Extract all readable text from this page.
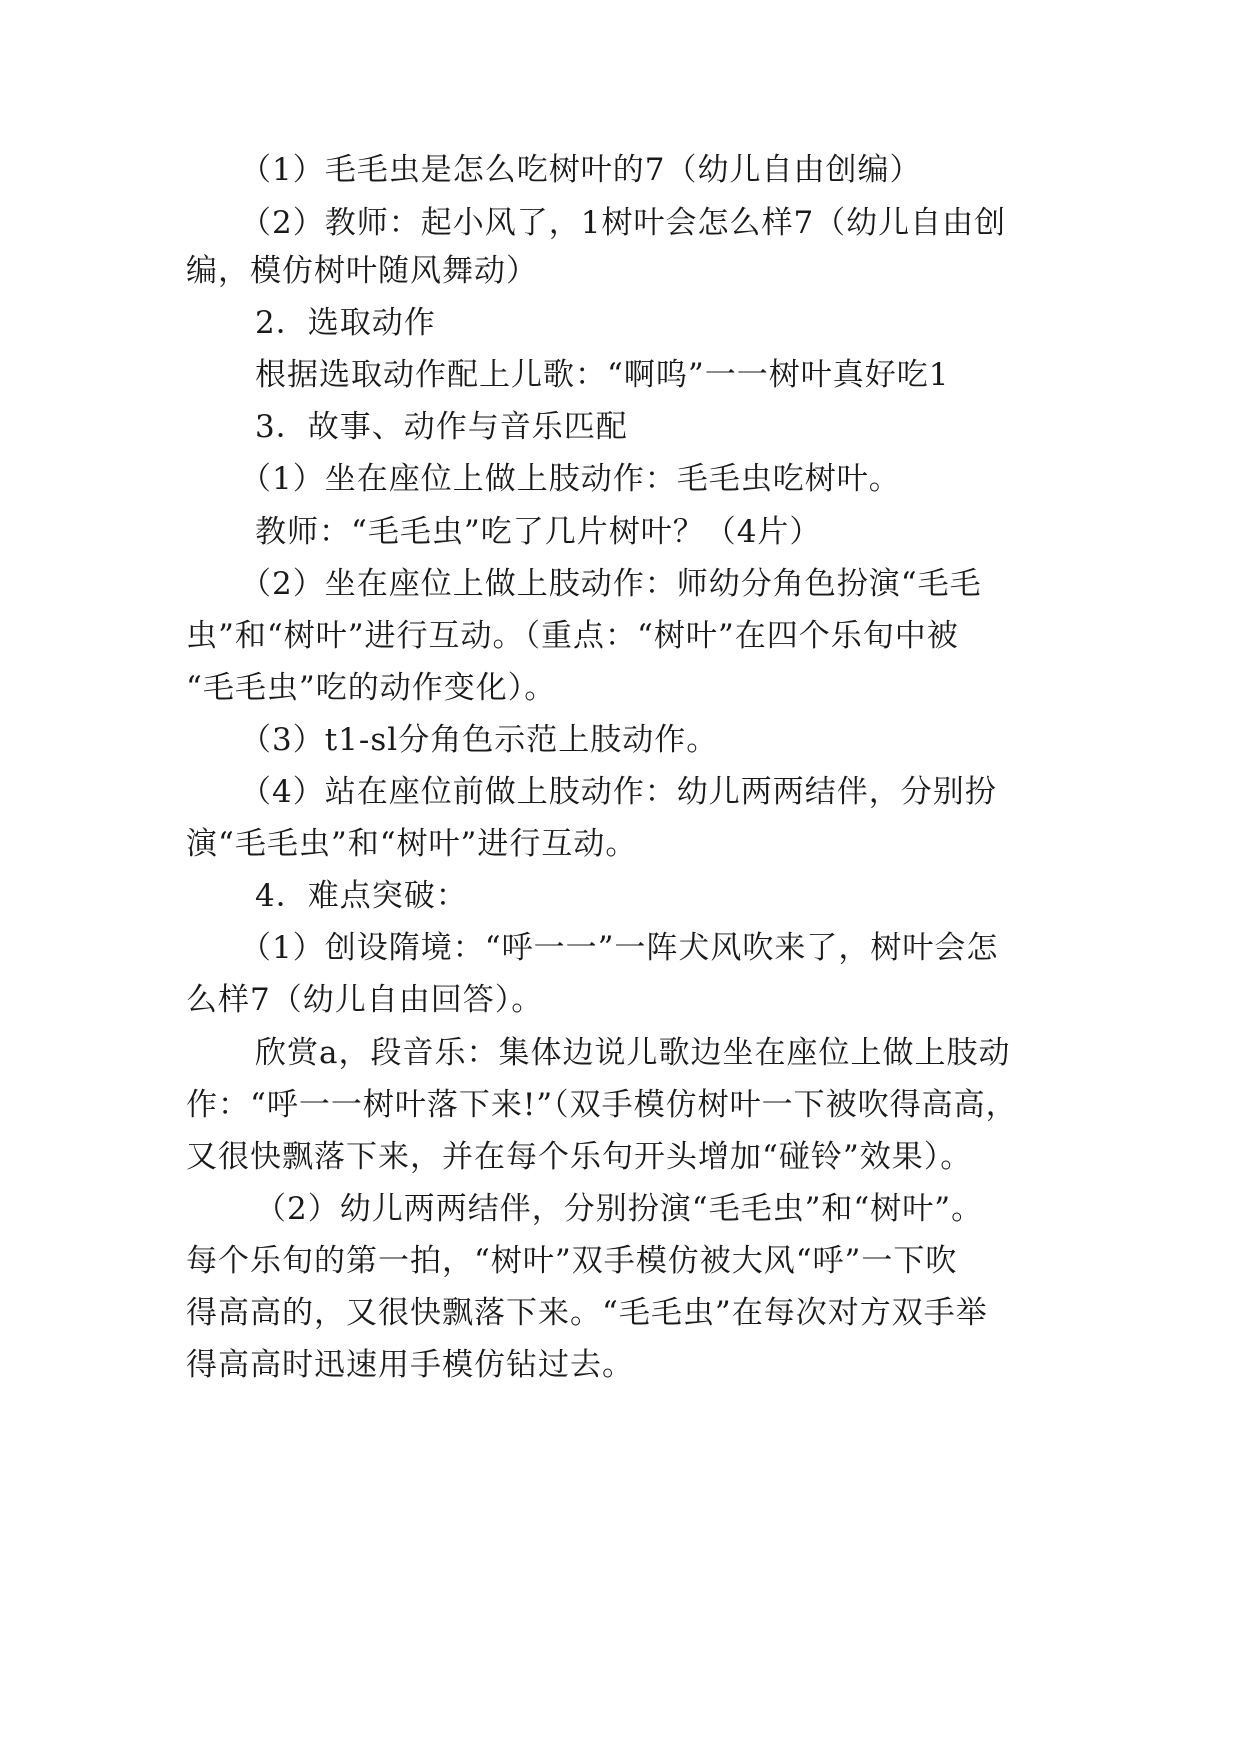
（1）毛毛虫是怎么吃树叶的7（幼儿自由创编）
（2）教师：起小风了，1树叶会怎么样7（幼儿自由创
编，模仿树叶随风舞动）
2．选取动作
根据选取动作配上儿歌：“啊呜”一一树叶真好吃1
3．故事、动作与音乐匹配
（1）坐在座位上做上肢动作：毛毛虫吃树叶。
教师：“毛毛虫”吃了几片树叶？（4片）
（2）坐在座位上做上肢动作：师幼分角色扮演“毛毛
虫”和“树叶”进行互动。（重点：“树叶”在四个乐旬中被
“毛毛虫”吃的动作变化）。
（3）t1-sl分角色示范上肢动作。
（4）站在座位前做上肢动作：幼儿两两结伴，分别扮
演“毛毛虫”和“树叶”进行互动。
4．难点突破：
（1）创设隋境：“呼一一”一阵犬风吹来了，树叶会怎
么样7（幼儿自由回答）。
欣赏a，段音乐：集体边说儿歌边坐在座位上做上肢动
作：“呼一一树叶落下来!”（双手模仿树叶一下被吹得高高，
又很快飘落下来，并在每个乐句开头增加“碰铃”效果）。
（2）幼儿两两结伴，分别扮演“毛毛虫”和“树叶”。
每个乐旬的第一拍，“树叶”双手模仿被大风“呼”一下吹
得高高的，又很快飘落下来。“毛毛虫”在每次对方双手举
得高高时迅速用手模仿钻过去。
